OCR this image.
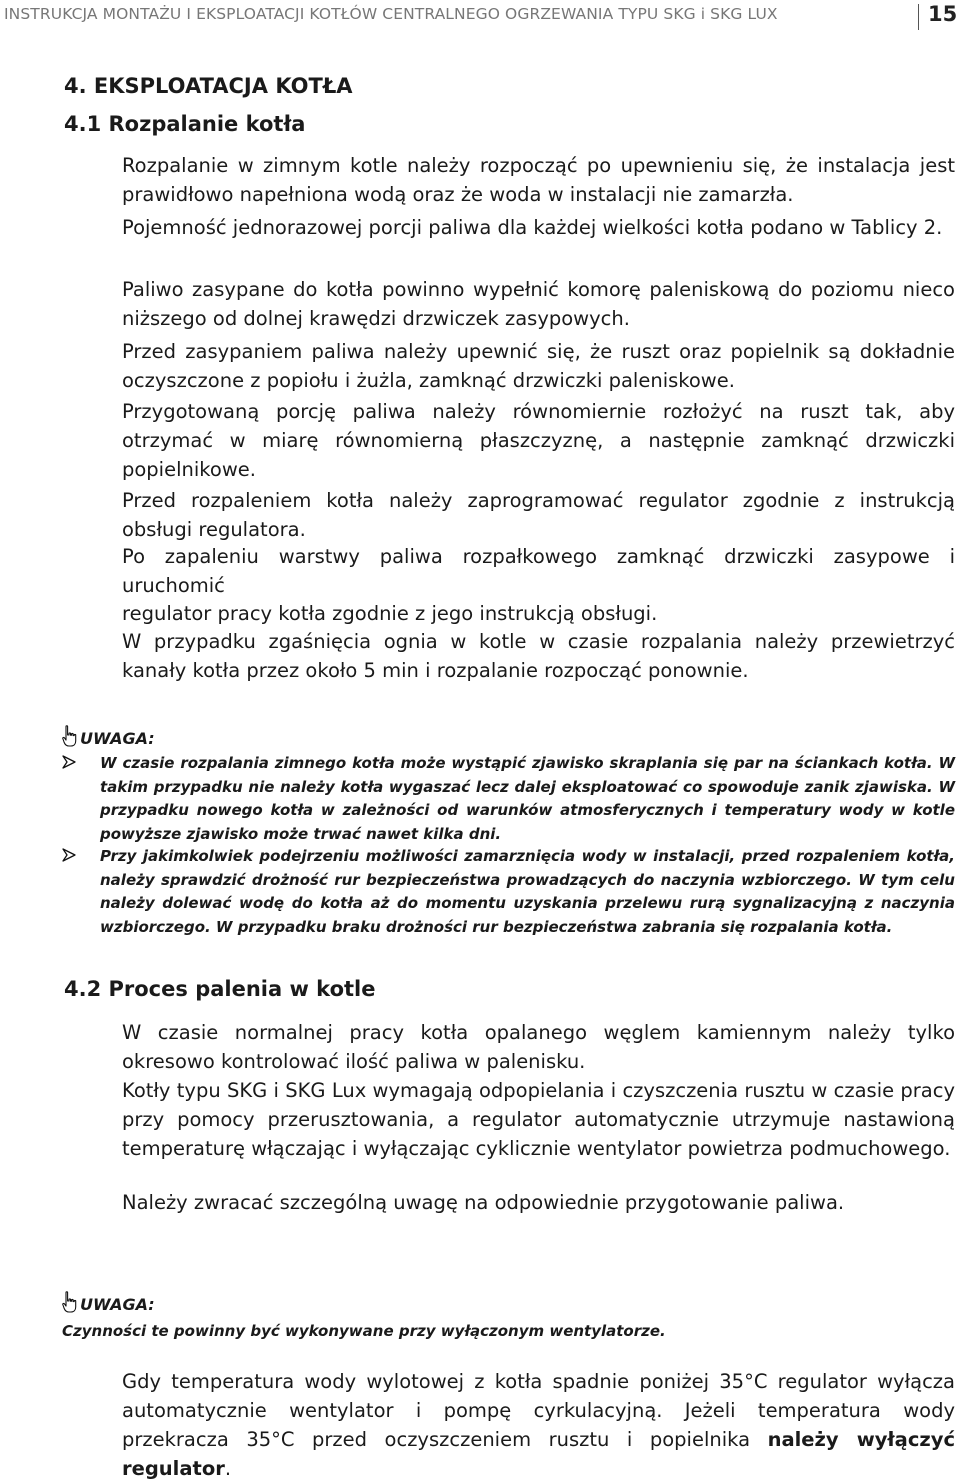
INSTRUKCJA MONTAŻU I EKSPLOATACJI KOTŁÓW CENTRALNEGO OGRZEWANIA TYPU SKG i SKG LUX	15
4. EKSPLOATACJA KOTŁA
4.1 Rozpalanie kotła

Rozpalanie w zimnym kotle należy rozpocząć po upewnieniu się, że instalacja jest prawidłowo napełniona wodą oraz że woda w instalacji nie zamarzła.

Pojemność jednorazowej porcji paliwa dla każdej wielkości kotła podano w Tablicy 2.

Paliwo zasypane do kotła powinno wypełnić komorę paleniskową do poziomu nieco niższego od dolnej krawędzi drzwiczek zasypowych.

Przed zasypaniem paliwa należy upewnić się, że ruszt oraz popielnik są dokładnie oczyszczone z popiołu i żużla, zamknąć drzwiczki paleniskowe.

Przygotowaną porcję paliwa należy równomiernie rozłożyć na ruszt tak, aby otrzymać w miarę równomierną płaszczyznę, a następnie zamknąć drzwiczki popielnikowe.

Przed rozpaleniem kotła należy zaprogramować regulator zgodnie z instrukcją obsługi regulatora.

Po zapaleniu warstwy paliwa rozpałkowego zamknąć drzwiczki zasypowe i uruchomić

regulator pracy kotła zgodnie z jego instrukcją obsługi.

W przypadku zgaśnięcia ognia w kotle w czasie rozpalania należy przewietrzyć kanały kotła przez około 5 min i rozpalanie rozpocząć ponownie.

UWAGA:

W czasie rozpalania zimnego kotła może wystąpić zjawisko skraplania się par na ściankach kotła. W takim przypadku nie należy kotła wygaszać lecz dalej eksploatować co spowoduje zanik zjawiska. W przypadku nowego kotła w zależności od warunków atmosferycznych i temperatury wody w kotle powyższe zjawisko może trwać nawet kilka dni.

Przy jakimkolwiek podejrzeniu możliwości zamarznięcia wody w instalacji, przed rozpaleniem kotła, należy sprawdzić drożność rur bezpieczeństwa prowadzących do naczynia wzbiorczego. W tym celu należy dolewać wodę do kotła aż do momentu uzyskania przelewu rurą sygnalizacyjną z naczynia wzbiorczego. W przypadku braku drożności rur bezpieczeństwa zabrania się rozpalania kotła.

4.2 Proces palenia w kotle

W czasie normalnej pracy kotła opalanego węglem kamiennym należy tylko okresowo kontrolować ilość paliwa w palenisku.

Kotły typu SKG i SKG Lux wymagają odpopielania i czyszczenia rusztu w czasie pracy przy pomocy przerusztowania, a regulator automatycznie utrzymuje nastawioną temperaturę włączając i wyłączając cyklicznie wentylator powietrza podmuchowego.

Należy zwracać szczególną uwagę na odpowiednie przygotowanie paliwa.

UWAGA:
Czynności te powinny być wykonywane przy wyłączonym wentylatorze.

Gdy temperatura wody wylotowej z kotła spadnie poniżej 35°C regulator wyłącza automatycznie wentylator i pompę cyrkulacyjną. Jeżeli temperatura wody przekracza 35°C przed oczyszczeniem rusztu i popielnika należy wyłączyć regulator.
